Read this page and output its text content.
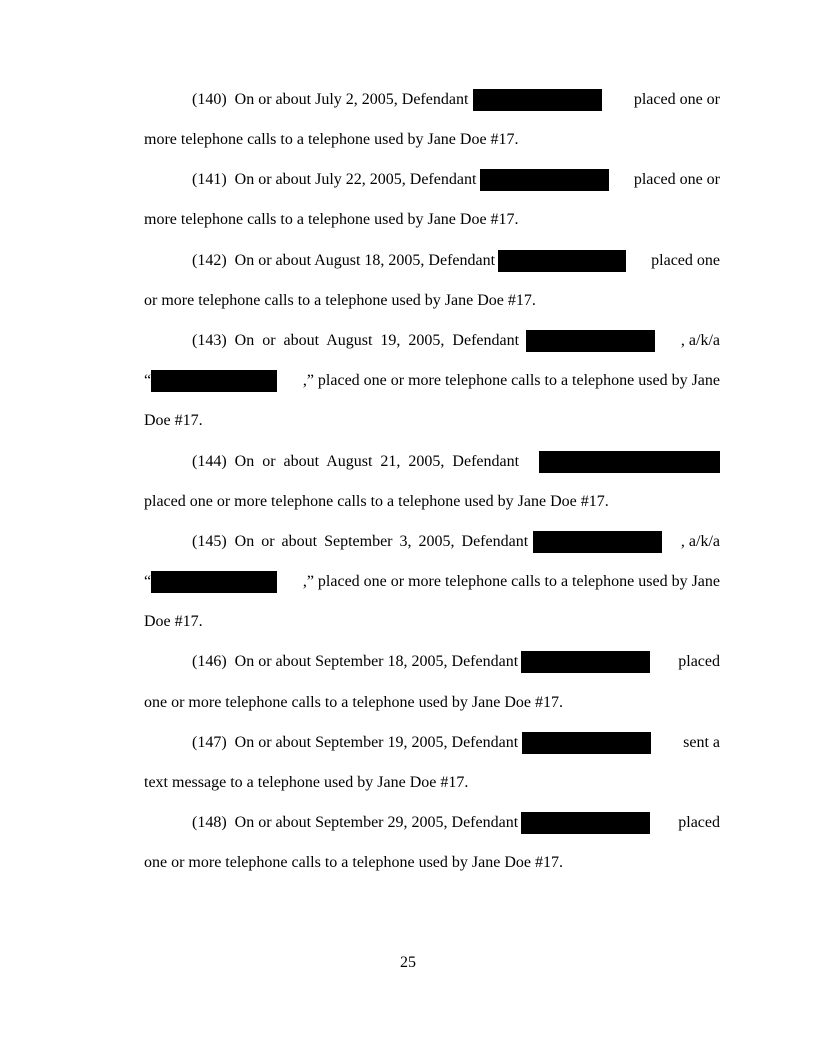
(140) On or about July 2, 2005, Defendant	placed one or
more telephone calls to a telephone used by Jane Doe #17.
(141) On or about July 22, 2005, Defendant	placed one or
more telephone calls to a telephone used by Jane Doe #17.
(142) On or about August 18, 2005, Defendant	placed one
or more telephone calls to a telephone used by Jane Doe #17.
(143) On or about August 19, 2005, Defendant	, a/k/a
“	,” placed one or more telephone calls to a telephone used by Jane
Doe #17.
(144) On or about August 21, 2005, Defendant
placed one or more telephone calls to a telephone used by Jane Doe #17.
(145) On or about September 3, 2005, Defendant	, a/k/a
“	,” placed one or more telephone calls to a telephone used by Jane
Doe #17.
(146) On or about September 18, 2005, Defendant	placed
one or more telephone calls to a telephone used by Jane Doe #17.
(147) On or about September 19, 2005, Defendant	sent a
text message to a telephone used by Jane Doe #17.
(148) On or about September 29, 2005, Defendant	placed
one or more telephone calls to a telephone used by Jane Doe #17.
25
